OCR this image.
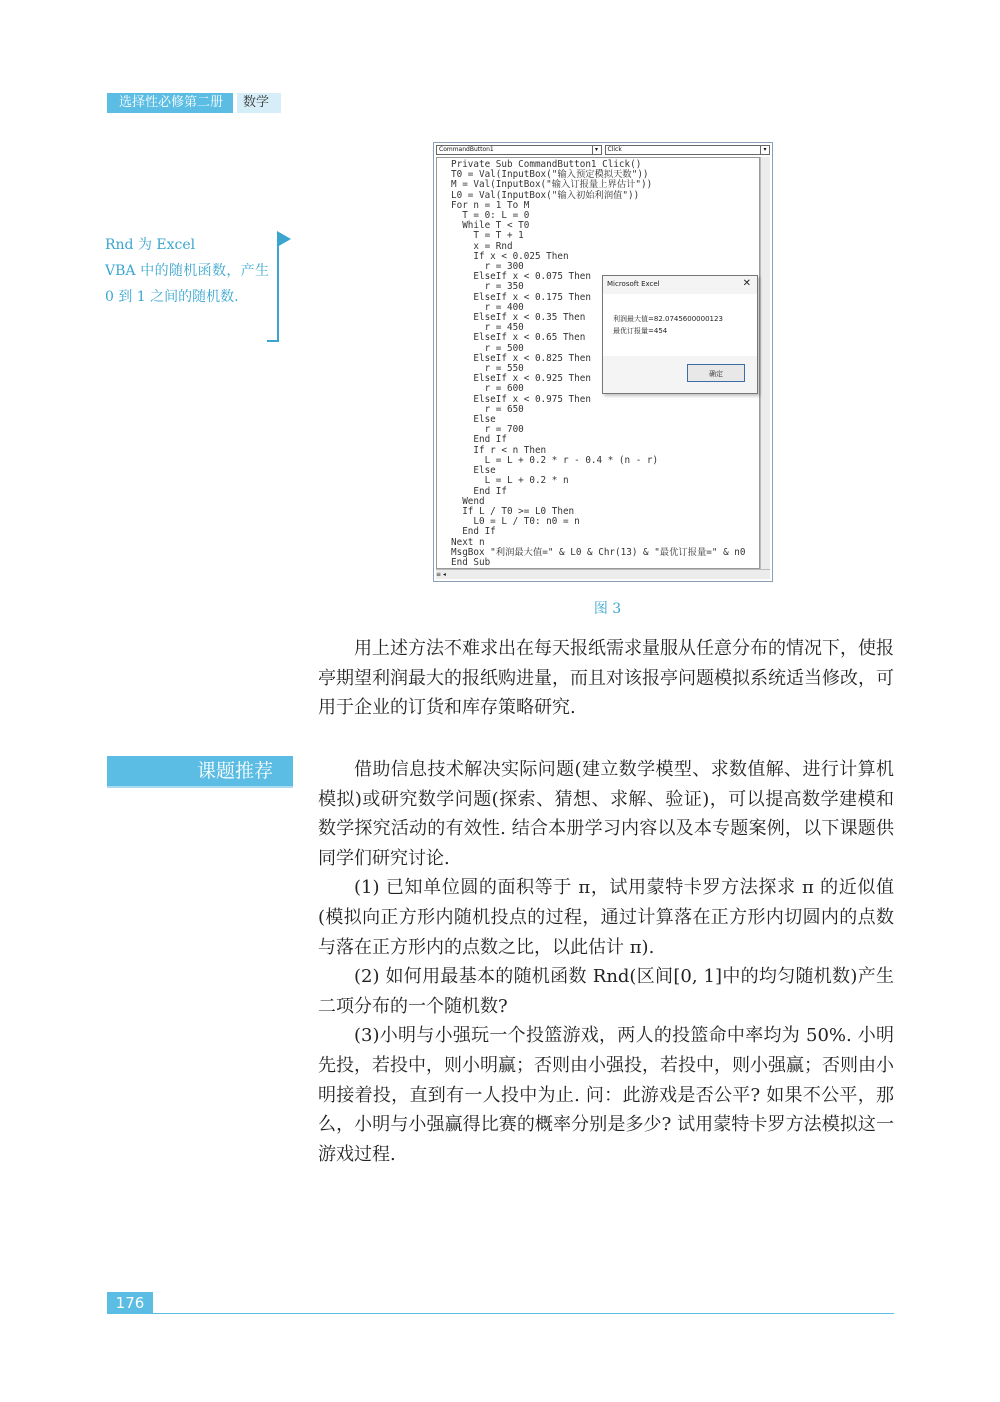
选择性必修第二册	数学
Rnd 为 Excel
VBA 中的随机函数，产生 0 到 1 之间的随机数.
CommandButton1	▾	Click	▾
Private Sub CommandButton1_Click()
T0 = Val(InputBox("输入预定模拟天数"))
M = Val(InputBox("输入订报量上界估计"))
L0 = Val(InputBox("输入初始利润值"))
For n = 1 To M
T = 0: L = 0
While T < T0
T = T + 1
x = Rnd
If x < 0.025 Then
r = 300
ElseIf x < 0.075 Then
r = 350
ElseIf x < 0.175 Then
r = 400
ElseIf x < 0.35 Then
r = 450
ElseIf x < 0.65 Then
r = 500
ElseIf x < 0.825 Then
r = 550
ElseIf x < 0.925 Then
r = 600
ElseIf x < 0.975 Then
r = 650
Else
r = 700
End If
If r < n Then
L = L + 0.2 * r - 0.4 * (n - r)
Else
L = L + 0.2 * n
End If
Wend
If L / T0 >= L0 Then
L0 = L / T0: n0 = n
End If
Next n
MsgBox "利润最大值=" & L0 & Chr(13) & "最优订报量=" & n0
End Sub
≡ ◂
Microsoft Excel	✕
利润最大值=82.0745600000123
最优订报量=454
确定
图 3

用上述方法不难求出在每天报纸需求量服从任意分布的情况下，使报亭期望利润最大的报纸购进量，而且对该报亭问题模拟系统适当修改，可用于企业的订货和库存策略研究.

课题推荐	借助信息技术解决实际问题(建立数学模型、求数值解、进行计算机模拟)或研究数学问题(探索、猜想、求解、验证)，可以提高数学建模和数学探究活动的有效性. 结合本册学习内容以及本专题案例，以下课题供同学们研究讨论.

(1) 已知单位圆的面积等于 π，试用蒙特卡罗方法探求 π 的近似值(模拟向正方形内随机投点的过程，通过计算落在正方形内切圆内的点数与落在正方形内的点数之比，以此估计 π).

(2) 如何用最基本的随机函数 Rnd(区间[0, 1]中的均匀随机数)产生二项分布的一个随机数?

(3)小明与小强玩一个投篮游戏，两人的投篮命中率均为 50%. 小明先投，若投中，则小明赢；否则由小强投，若投中，则小强赢；否则由小明接着投，直到有一人投中为止. 问：此游戏是否公平? 如果不公平，那么，小明与小强赢得比赛的概率分别是多少? 试用蒙特卡罗方法模拟这一游戏过程.

176
